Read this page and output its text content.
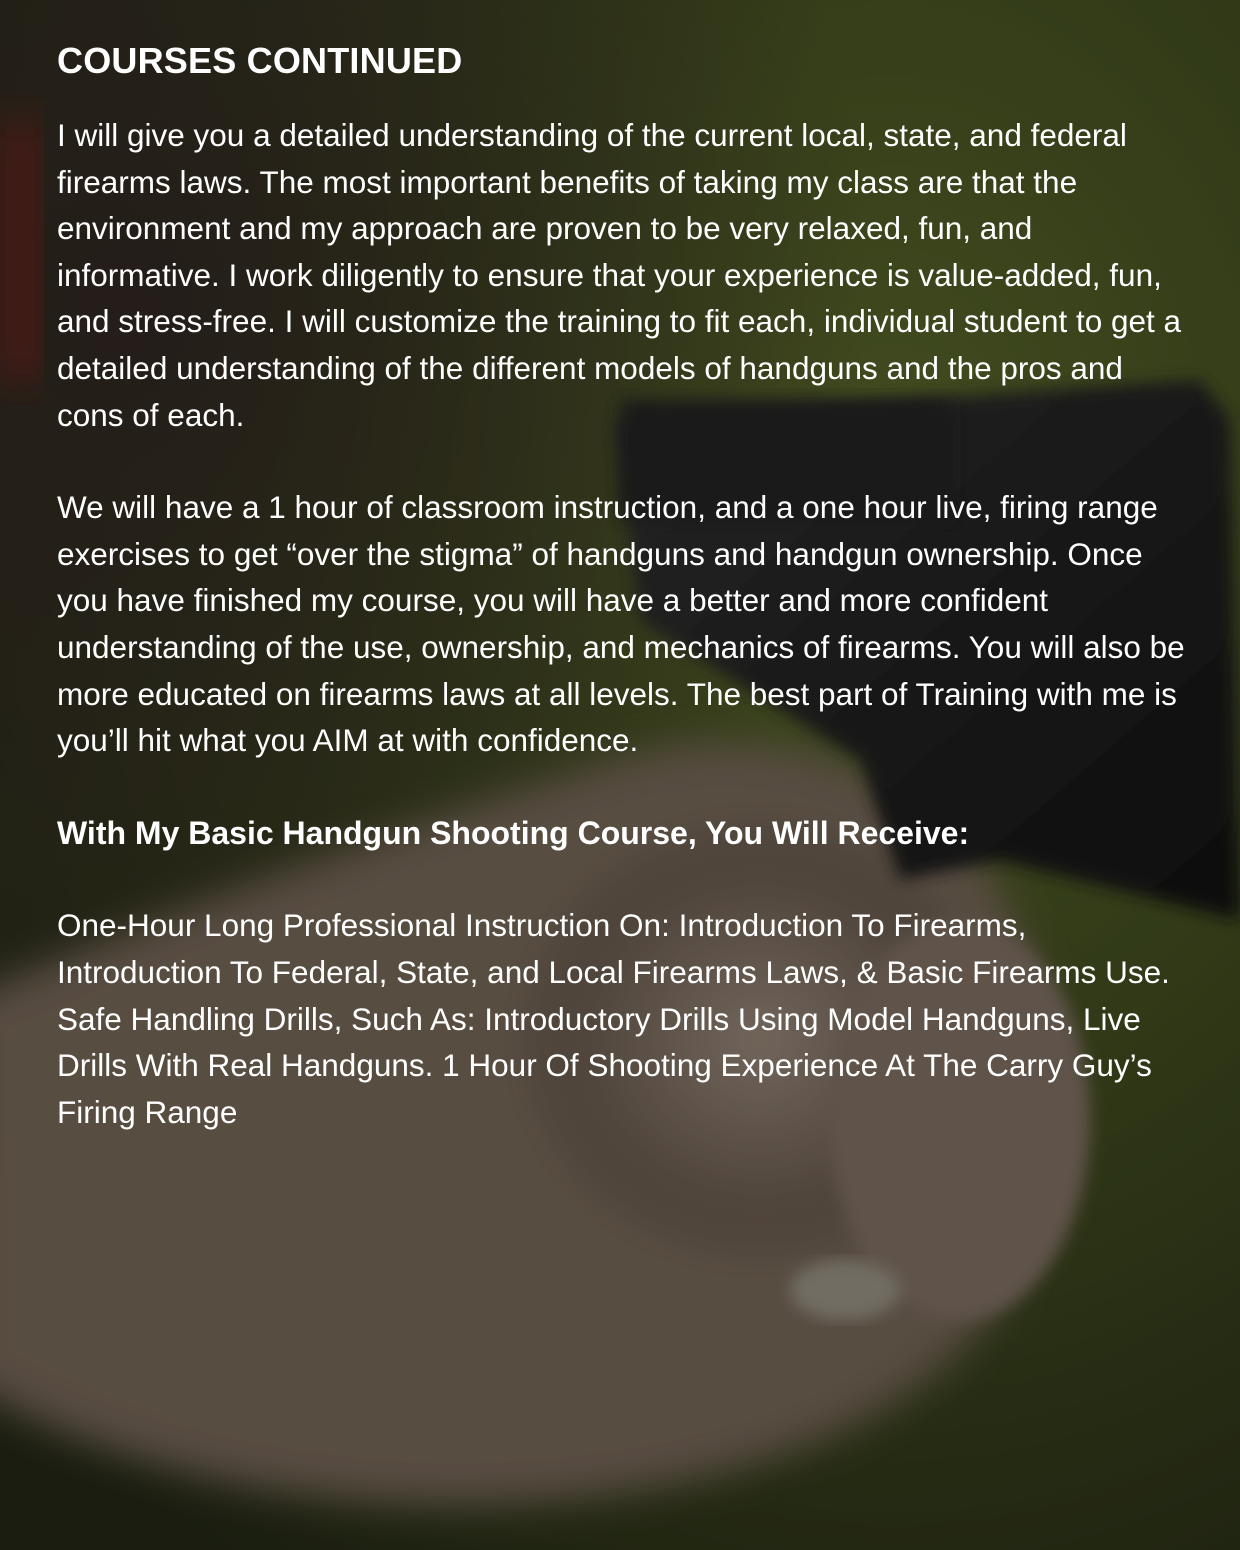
COURSES CONTINUED

I will give you a detailed understanding of the current local, state, and federal firearms laws. The most important benefits of taking my class are that the environment and my approach are proven to be very relaxed, fun, and informative. I work diligently to ensure that your experience is value-added, fun, and stress-free. I will customize the training to fit each, individual student to get a detailed understanding of the different models of handguns and the pros and cons of each.

We will have a 1 hour of classroom instruction, and a one hour live, firing range exercises to get “over the stigma” of handguns and handgun ownership. Once you have finished my course, you will have a better and more confident understanding of the use, ownership, and mechanics of firearms. You will also be more educated on firearms laws at all levels. The best part of Training with me is you’ll hit what you AIM at with confidence.

With My Basic Handgun Shooting Course, You Will Receive:

One-Hour Long Professional Instruction On: Introduction To Firearms, Introduction To Federal, State, and Local Firearms Laws, & Basic Firearms Use. Safe Handling Drills, Such As: Introductory Drills Using Model Handguns, Live Drills With Real Handguns. 1 Hour Of Shooting Experience At The Carry Guy’s Firing Range
